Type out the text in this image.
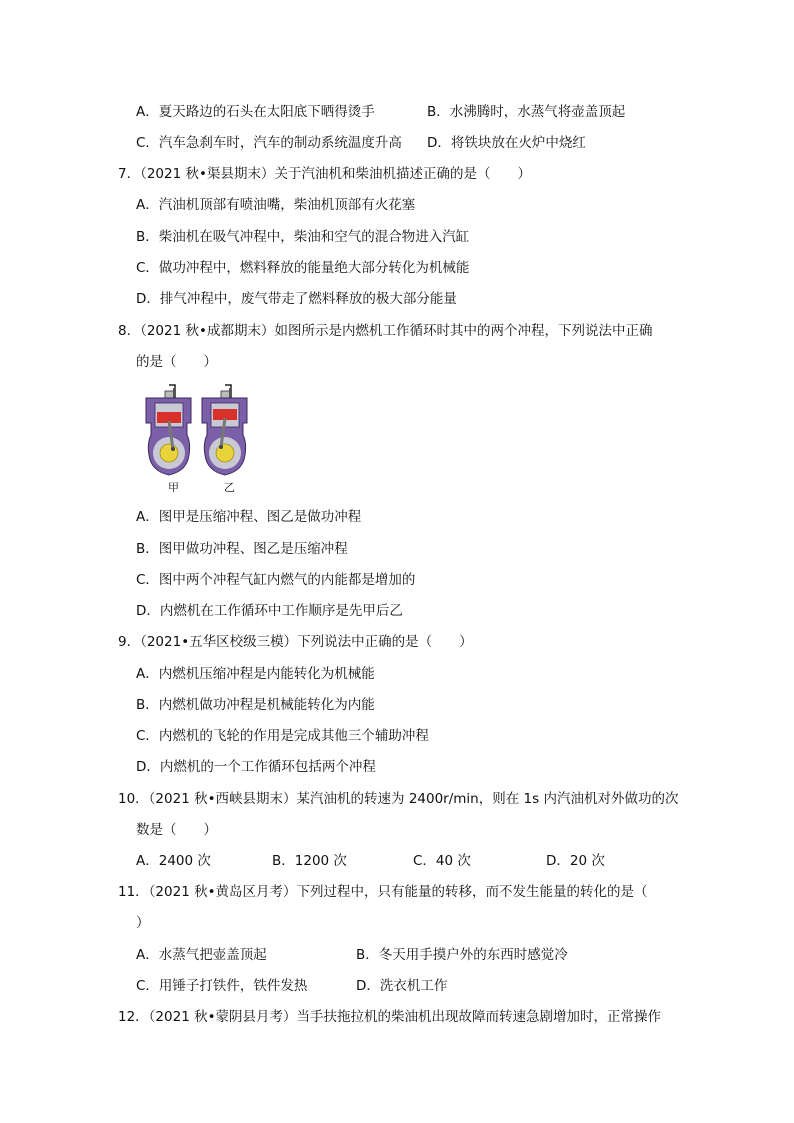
A．夏天路边的石头在太阳底下晒得烫手	B．水沸腾时，水蒸气将壶盖顶起
C．汽车急刹车时，汽车的制动系统温度升高 D．将铁块放在火炉中烧红
7．（2021 秋•渠县期末）关于汽油机和柴油机描述正确的是（　　）
A．汽油机顶部有喷油嘴，柴油机顶部有火花塞
B．柴油机在吸气冲程中，柴油和空气的混合物进入汽缸
C．做功冲程中，燃料释放的能量绝大部分转化为机械能
D．排气冲程中，废气带走了燃料释放的极大部分能量
8．（2021 秋•成都期末）如图所示是内燃机工作循环时其中的两个冲程，下列说法中正确
的是（　　）
甲	乙
A．图甲是压缩冲程、图乙是做功冲程
B．图甲做功冲程、图乙是压缩冲程
C．图中两个冲程气缸内燃气的内能都是增加的
D．内燃机在工作循环中工作顺序是先甲后乙
9．（2021•五华区校级三模）下列说法中正确的是（　　）
A．内燃机压缩冲程是内能转化为机械能
B．内燃机做功冲程是机械能转化为内能
C．内燃机的飞轮的作用是完成其他三个辅助冲程
D．内燃机的一个工作循环包括两个冲程
10．（2021 秋•西峡县期末）某汽油机的转速为 2400r/min，则在 1s 内汽油机对外做功的次
数是（　　）
A．2400 次	B．1200 次	C．40 次	D．20 次
11．（2021 秋•黄岛区月考）下列过程中，只有能量的转移，而不发生能量的转化的是（
）
A．水蒸气把壶盖顶起	B．冬天用手摸户外的东西时感觉冷
C．用锤子打铁件，铁件发热	D．洗衣机工作
12．（2021 秋•蒙阴县月考）当手扶拖拉机的柴油机出现故障而转速急剧增加时，正常操作
